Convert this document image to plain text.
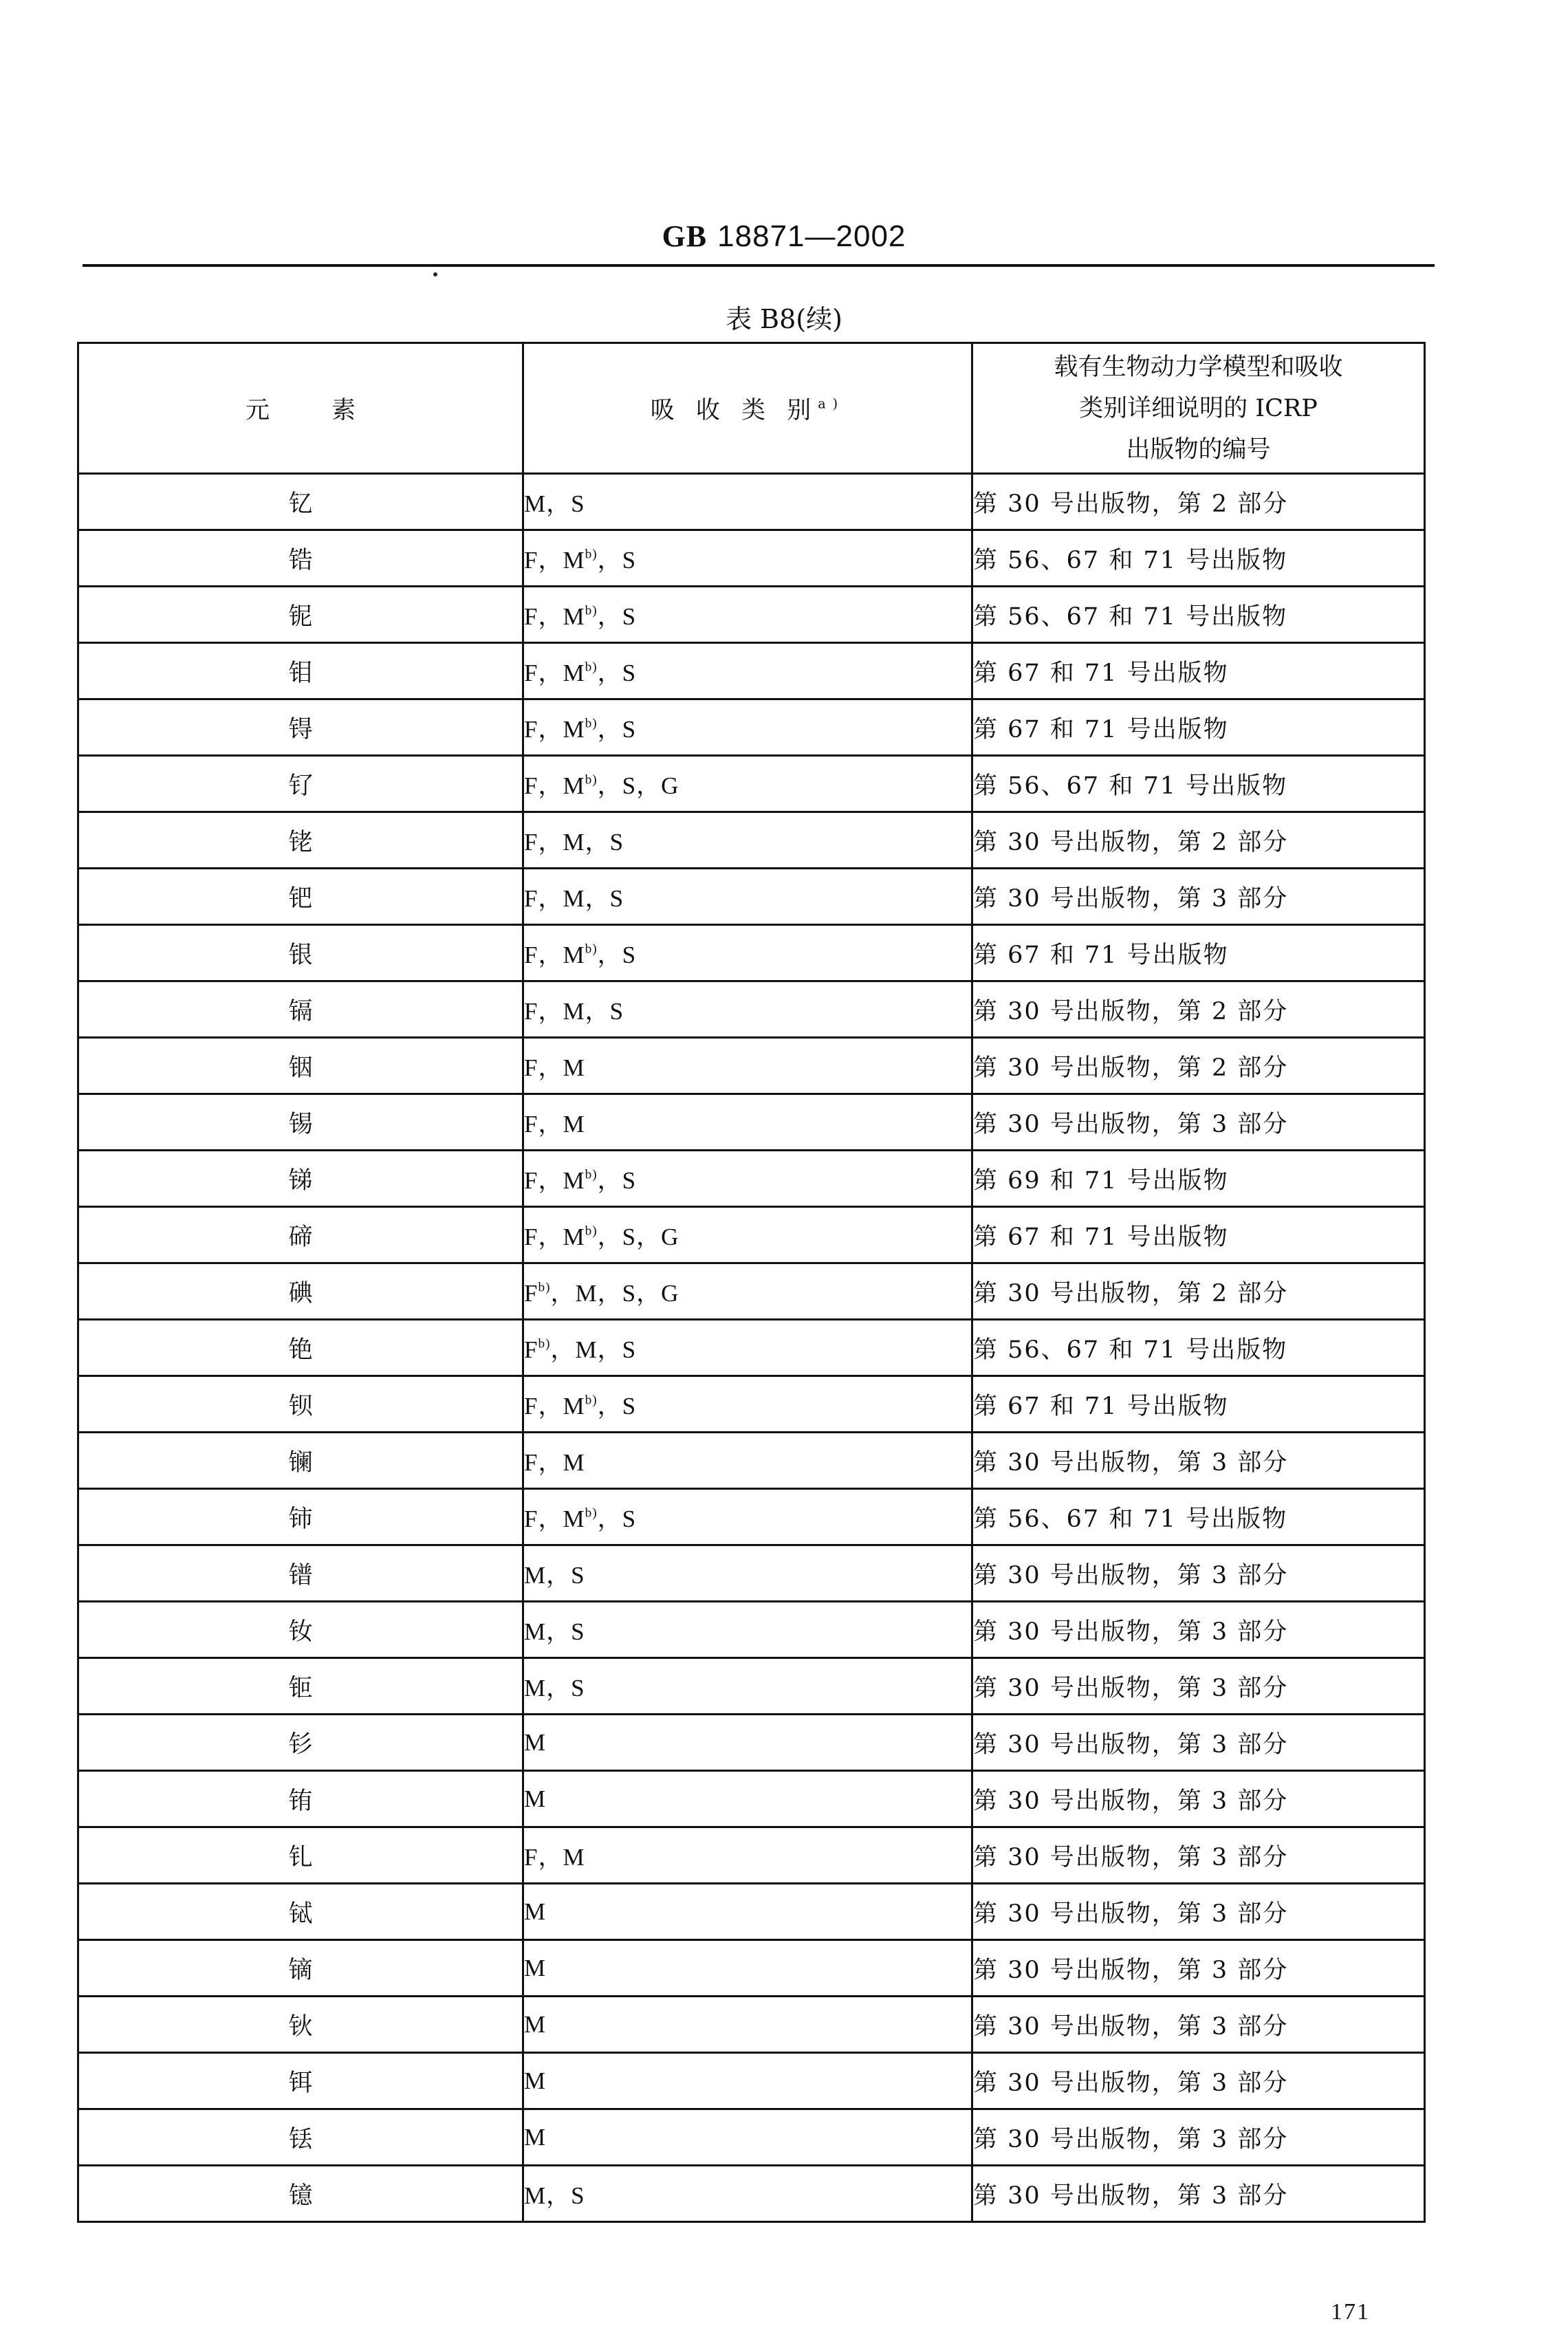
GB 18871—2002
表 B8(续)
元 素	吸 收 类 别$^{a)}$	载有生物动力学模型和吸收
类别详细说明的 ICRP
出版物的编号

钇	M，S	第 30 号出版物，第 2 部分
锆	F，$M^{b)}$，S	第 56、67 和 71 号出版物
铌	F，$M^{b)}$，S	第 56、67 和 71 号出版物
钼	F，$M^{b)}$，S	第 67 和 71 号出版物
锝	F，$M^{b)}$，S	第 67 和 71 号出版物
钌	F，$M^{b)}$，S，G	第 56、67 和 71 号出版物
铑	F，M，S	第 30 号出版物，第 2 部分
钯	F，M，S	第 30 号出版物，第 3 部分
银	F，$M^{b)}$，S	第 67 和 71 号出版物
镉	F，M，S	第 30 号出版物，第 2 部分
铟	F，M	第 30 号出版物，第 2 部分
锡	F，M	第 30 号出版物，第 3 部分
锑	F，$M^{b)}$，S	第 69 和 71 号出版物
碲	F，$M^{b)}$，S，G	第 67 和 71 号出版物
碘	$F^{b)}$，M，S，G	第 30 号出版物，第 2 部分
铯	$F^{b)}$，M，S	第 56、67 和 71 号出版物
钡	F，$M^{b)}$，S	第 67 和 71 号出版物
镧	F，M	第 30 号出版物，第 3 部分
铈	F，$M^{b)}$，S	第 56、67 和 71 号出版物
镨	M，S	第 30 号出版物，第 3 部分
钕	M，S	第 30 号出版物，第 3 部分
钷	M，S	第 30 号出版物，第 3 部分
钐	M	第 30 号出版物，第 3 部分
铕	M	第 30 号出版物，第 3 部分
钆	F，M	第 30 号出版物，第 3 部分
铽	M	第 30 号出版物，第 3 部分
镝	M	第 30 号出版物，第 3 部分
钬	M	第 30 号出版物，第 3 部分
铒	M	第 30 号出版物，第 3 部分
铥	M	第 30 号出版物，第 3 部分
镱	M，S	第 30 号出版物，第 3 部分
171
